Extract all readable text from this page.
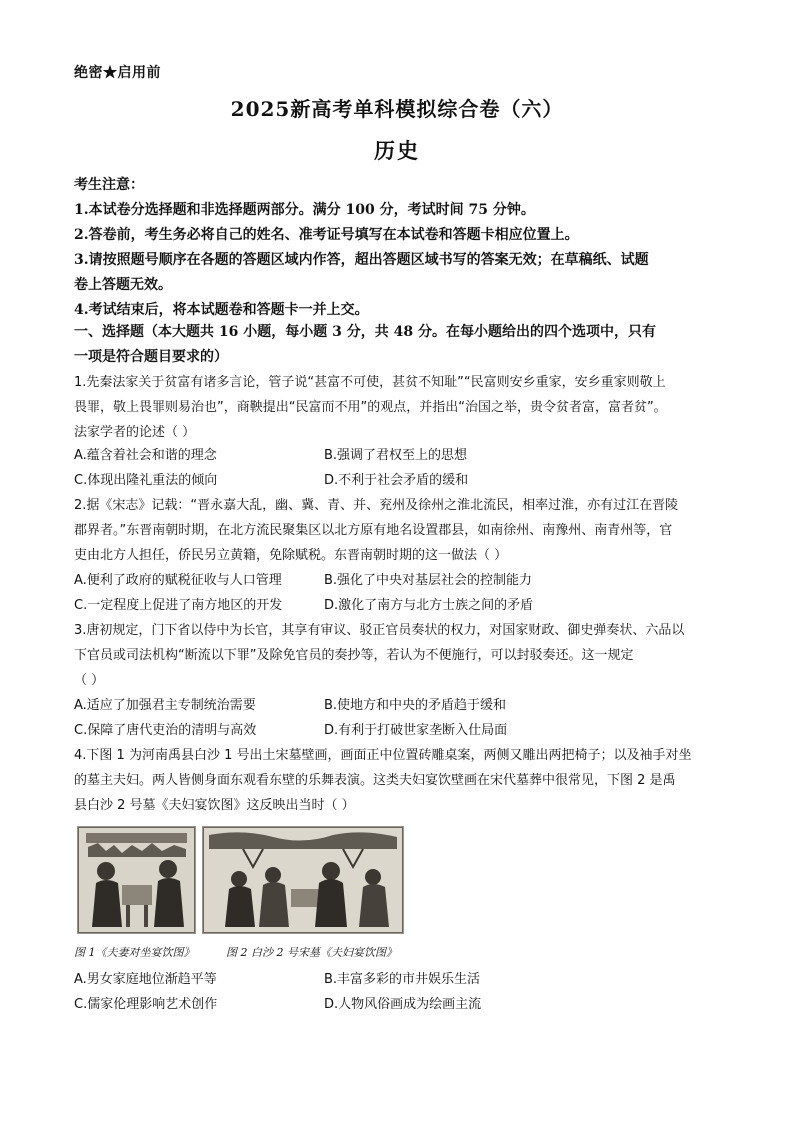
绝密★启用前
2025新高考单科模拟综合卷（六）
历史
考生注意：
1.本试卷分选择题和非选择题两部分。满分 100 分，考试时间 75 分钟。
2.答卷前，考生务必将自己的姓名、准考证号填写在本试卷和答题卡相应位置上。
3.请按照题号顺序在各题的答题区域内作答，超出答题区域书写的答案无效；在草稿纸、试题
卷上答题无效。
4.考试结束后，将本试题卷和答题卡一并上交。
一、选择题（本大题共 16 小题，每小题 3 分，共 48 分。在每小题给出的四个选项中，只有
一项是符合题目要求的）
1.先秦法家关于贫富有诸多言论，管子说“甚富不可使，甚贫不知耻”“民富则安乡重家，安乡重家则敬上
畏罪，敬上畏罪则易治也”，商鞅提出“民富而不用”的观点，并指出“治国之举，贵令贫者富，富者贫”。
法家学者的论述（ ）
A.蕴含着社会和谐的理念	B.强调了君权至上的思想
C.体现出隆礼重法的倾向	D.不利于社会矛盾的缓和
2.据《宋志》记载：“晋永嘉大乱，幽、冀、青、并、兖州及徐州之淮北流民，相率过淮，亦有过江在晋陵
郡界者。”东晋南朝时期，在北方流民聚集区以北方原有地名设置郡县，如南徐州、南豫州、南青州等，官
吏由北方人担任，侨民另立黄籍，免除赋税。东晋南朝时期的这一做法（ ）
A.便利了政府的赋税征收与人口管理	B.强化了中央对基层社会的控制能力
C.一定程度上促进了南方地区的开发	D.激化了南方与北方士族之间的矛盾
3.唐初规定，门下省以侍中为长官，其享有审议、驳正官员奏状的权力，对国家财政、御史弹奏状、六品以
下官员或司法机构“断流以下罪”及除免官员的奏抄等，若认为不便施行，可以封驳奏还。这一规定
（ ）
A.适应了加强君主专制统治需要	B.使地方和中央的矛盾趋于缓和
C.保障了唐代吏治的清明与高效	D.有利于打破世家垄断入仕局面
4.下图 1 为河南禹县白沙 1 号出土宋墓壁画，画面正中位置砖雕桌案，两侧又雕出两把椅子；以及袖手对坐
的墓主夫妇。两人皆侧身面东观看东壁的乐舞表演。这类夫妇宴饮壁画在宋代墓葬中很常见，下图 2 是禹
县白沙 2 号墓《夫妇宴饮图》这反映出当时（ ）
图 1《夫妻对坐宴饮图》	图 2 白沙 2 号宋墓《夫妇宴饮图》
A.男女家庭地位渐趋平等	B.丰富多彩的市井娱乐生活
C.儒家伦理影响艺术创作	D.人物风俗画成为绘画主流
